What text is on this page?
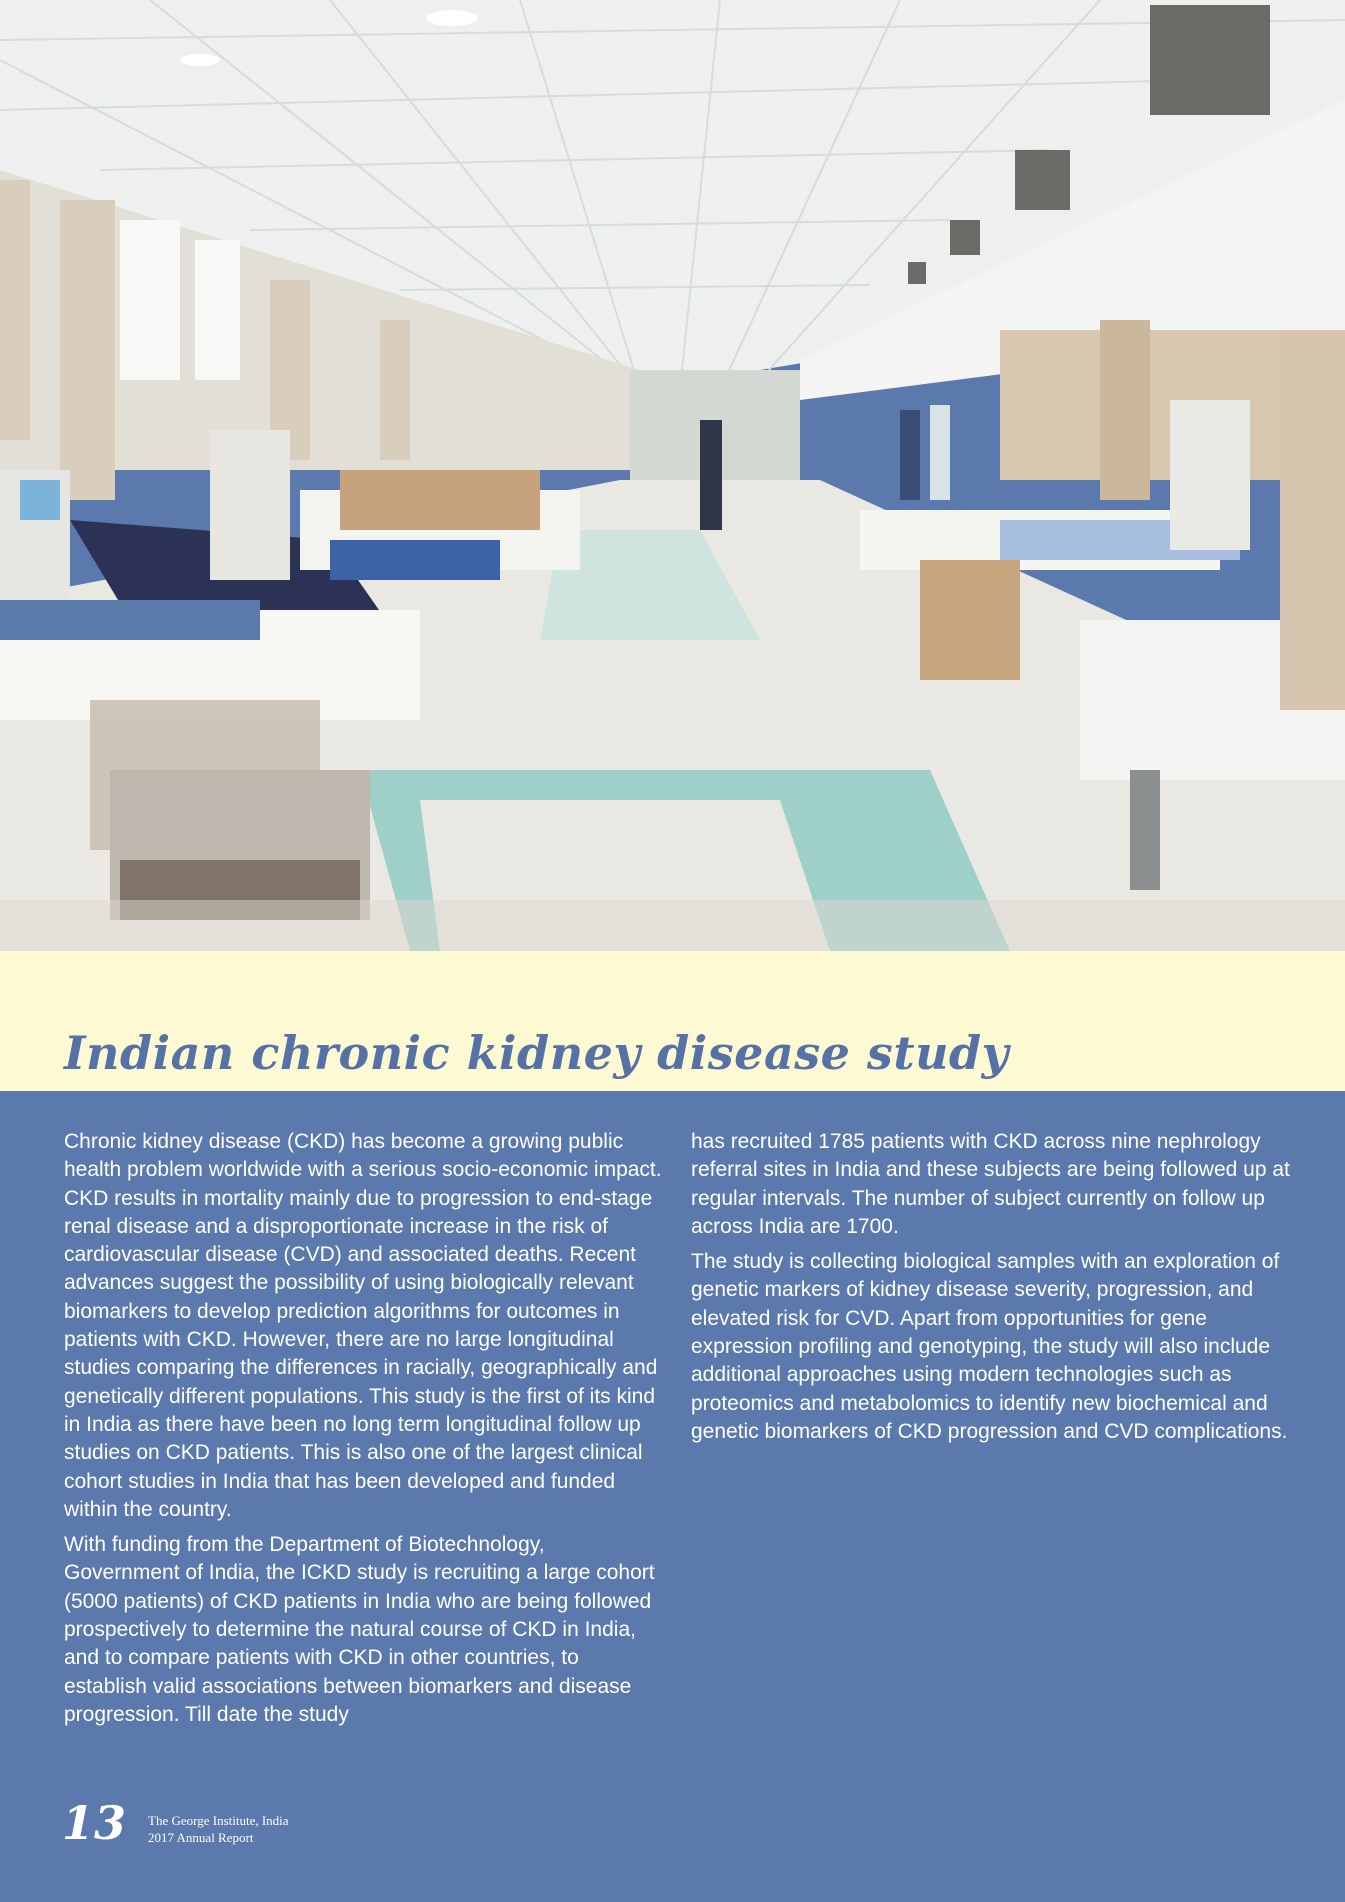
Indian chronic kidney disease study

Chronic kidney disease (CKD) has become a growing public health problem worldwide with a serious socio-economic impact. CKD results in mortality mainly due to progression to end-stage renal disease and a disproportionate increase in the risk of cardiovascular disease (CVD) and associated deaths. Recent advances suggest the possibility of using biologically relevant biomarkers to develop prediction algorithms for outcomes in patients with CKD. However, there are no large longitudinal studies comparing the differences in racially, geographically and genetically different populations. This study is the first of its kind in India as there have been no long term longitudinal follow up studies on CKD patients. This is also one of the largest clinical cohort studies in India that has been developed and funded within the country.

With funding from the Department of Biotechnology, Government of India, the ICKD study is recruiting a large cohort (5000 patients) of CKD patients in India who are being followed prospectively to determine the natural course of CKD in India, and to compare patients with CKD in other countries, to establish valid associations between biomarkers and disease progression. Till date the study

has recruited 1785 patients with CKD across nine nephrology referral sites in India and these subjects are being followed up at regular intervals. The number of subject currently on follow up across India are 1700.

The study is collecting biological samples with an exploration of genetic markers of kidney disease severity, progression, and elevated risk for CVD. Apart from opportunities for gene expression profiling and genotyping, the study will also include additional approaches using modern technologies such as proteomics and metabolomics to identify new biochemical and genetic biomarkers of CKD progression and CVD complications.

13 The George Institute, India
2017 Annual Report
